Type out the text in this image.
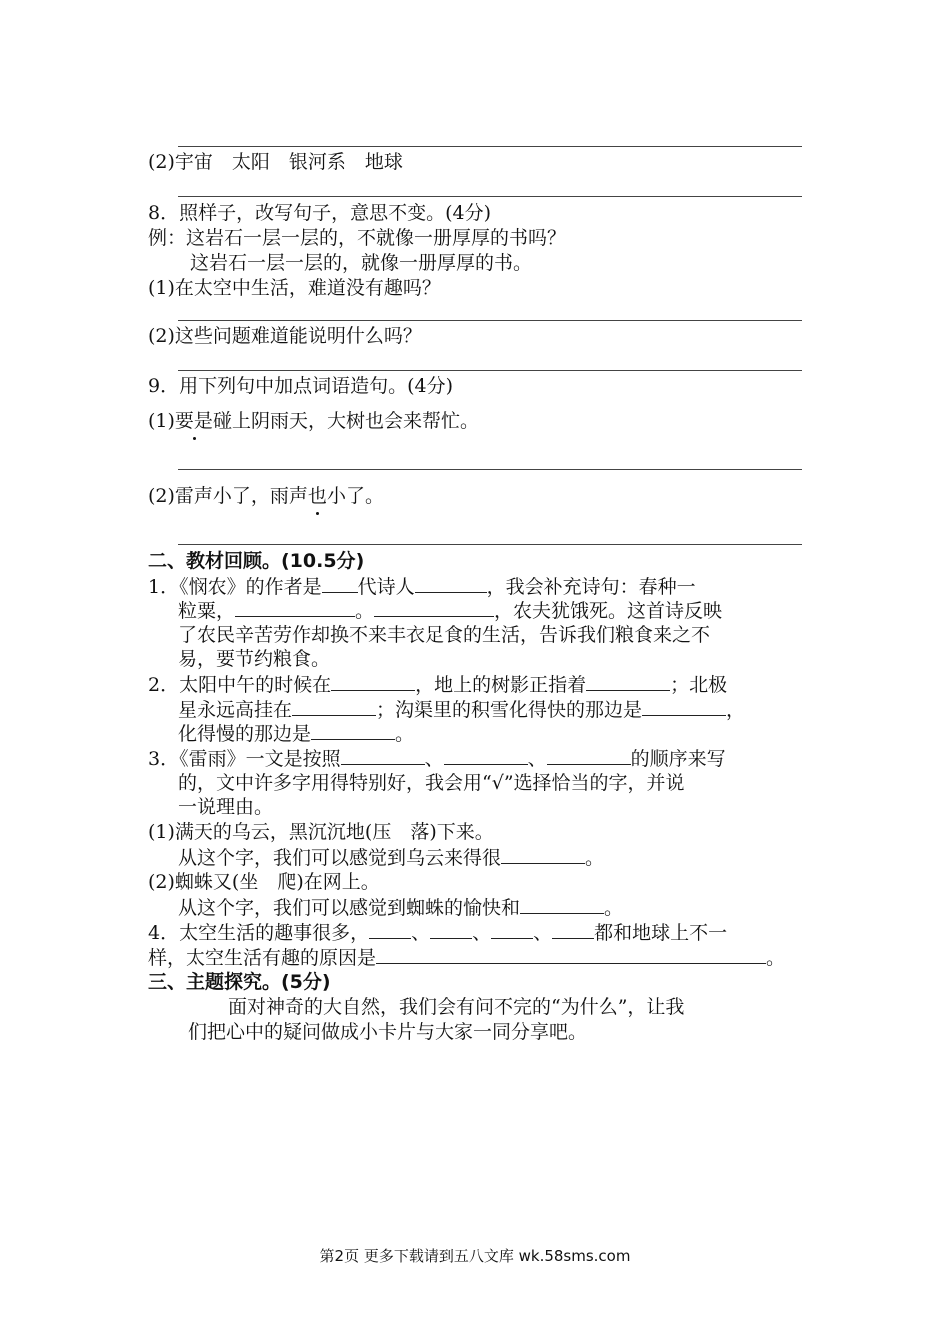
(2)宇宙　太阳　银河系　地球
8．照样子，改写句子，意思不变。(4分)
例：这岩石一层一层的，不就像一册厚厚的书吗？
这岩石一层一层的，就像一册厚厚的书。
(1)在太空中生活，难道没有趣吗？
(2)这些问题难道能说明什么吗？
9．用下列句中加点词语造句。(4分)
(1)要是碰上阴雨天，大树也会来帮忙。
(2)雷声小了，雨声也小了。
二、教材回顾。(10.5分)
1．《悯农》的作者是 代诗人	，我会补充诗句：春种一
粒粟，	。	，农夫犹饿死。这首诗反映
了农民辛苦劳作却换不来丰衣足食的生活，告诉我们粮食来之不
易，要节约粮食。
2．太阳中午的时候在	，地上的树影正指着	；北极
星永远高挂在	；沟渠里的积雪化得快的那边是	，
化得慢的那边是	。
3．《雷雨》一文是按照	、	、	的顺序来写
的，文中许多字用得特别好，我会用“√”选择恰当的字，并说
一说理由。
(1)满天的乌云，黑沉沉地(压　落)下来。
从这个字，我们可以感觉到乌云来得很	。
(2)蜘蛛又(坐　爬)在网上。
从这个字，我们可以感觉到蜘蛛的愉快和	。
4．太空生活的趣事很多， 、 、 、 都和地球上不一
样，太空生活有趣的原因是	。
三、主题探究。(5分)
面对神奇的大自然，我们会有问不完的“为什么”，让我
们把心中的疑问做成小卡片与大家一同分享吧。
第2页 更多下载请到五八文库 wk.58sms.com
